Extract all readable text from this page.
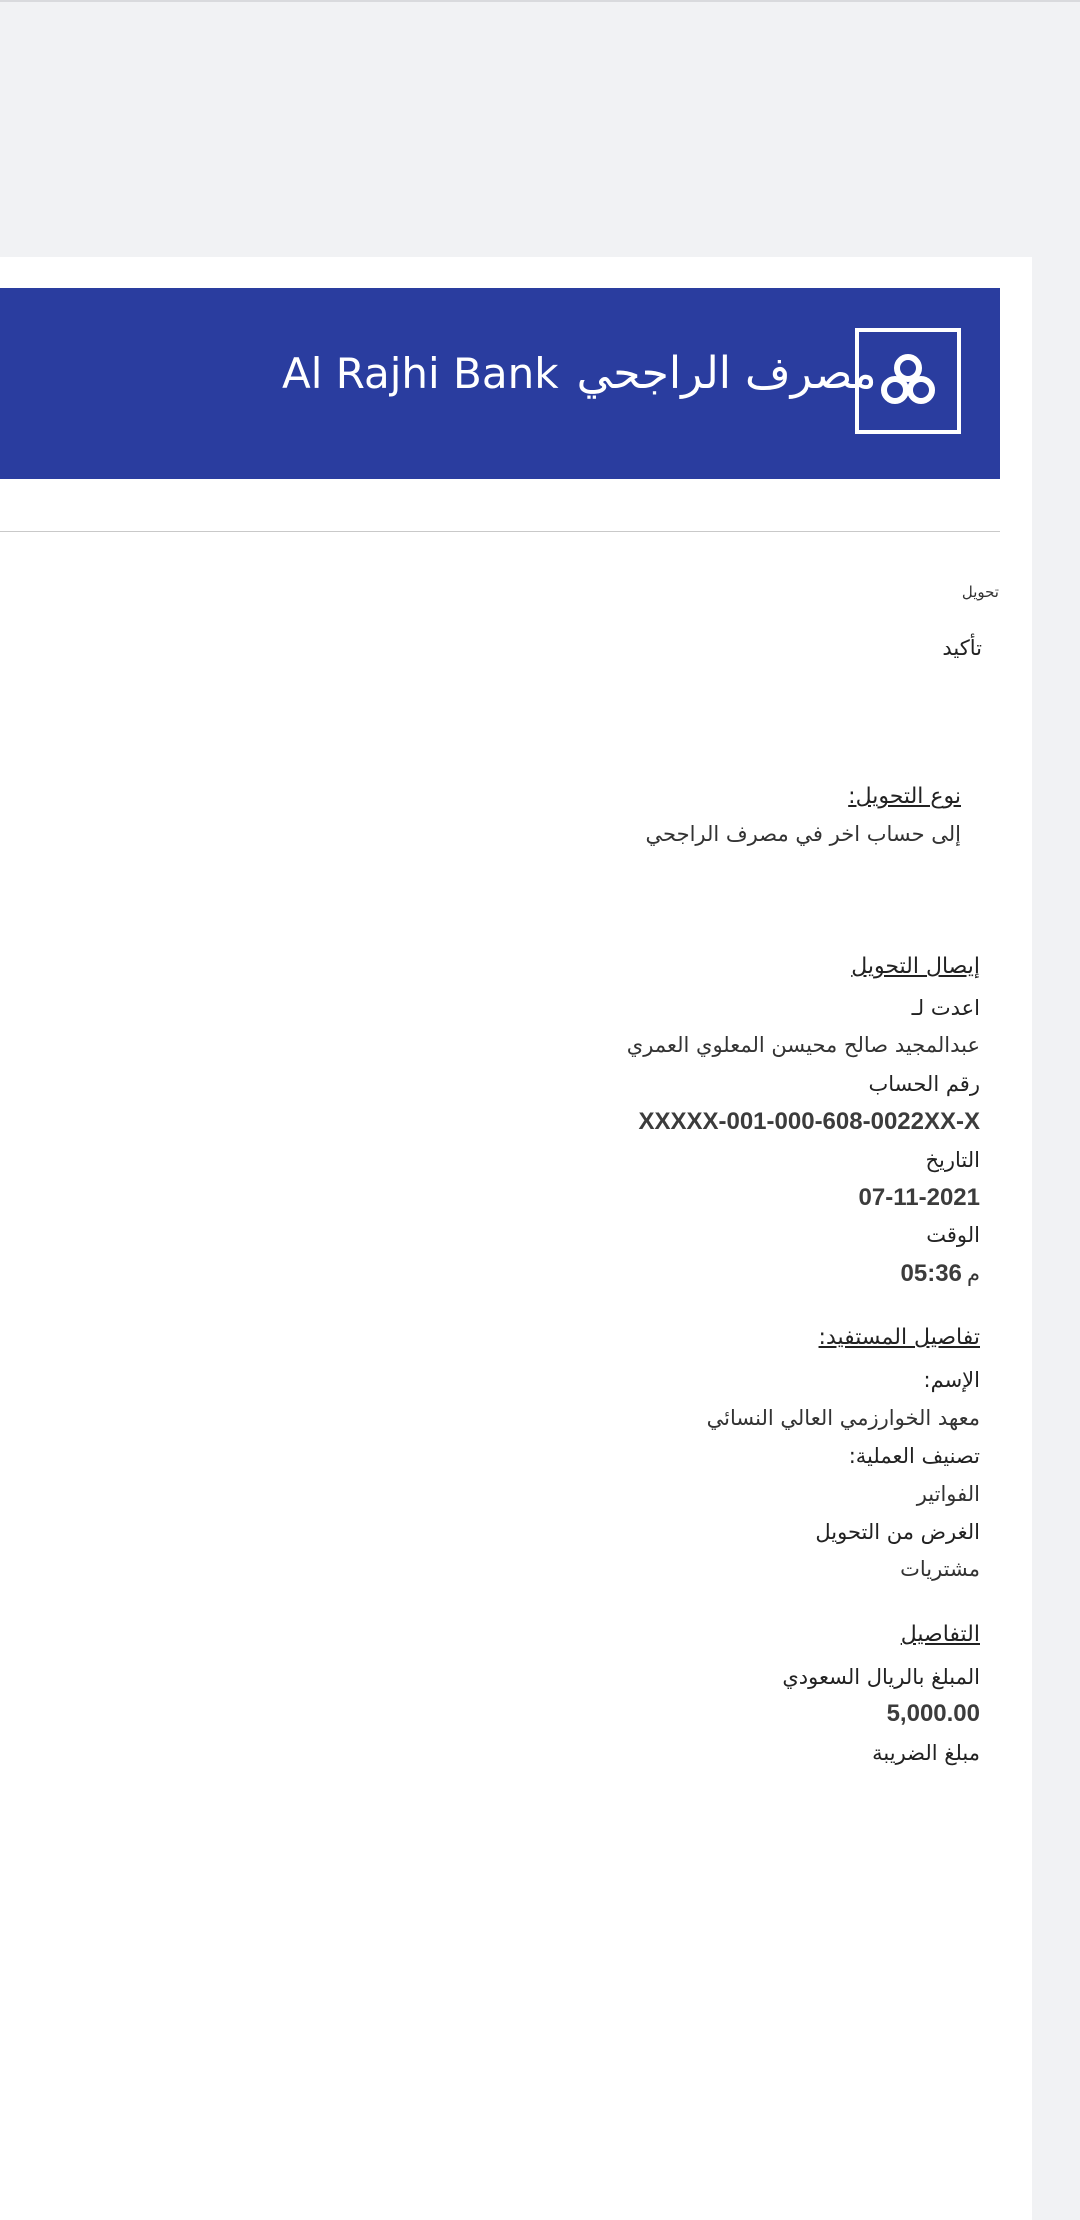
Al Rajhi Bank مصرف الراجحي
تحويل
تأكيد
نوع التحويل:
إلى حساب اخر في مصرف الراجحي
إيصال التحويل
اعدت لـ
عبدالمجيد صالح محيسن المعلوي العمري
رقم الحساب
XXXXX-001-000-608-0022XX-X
التاريخ
07-11-2021
الوقت
م 05:36
تفاصيل المستفيد:
الإسم:
معهد الخوارزمي العالي النسائي
تصنيف العملية:
الفواتير
الغرض من التحويل
مشتريات
التفاصيل
المبلغ بالريال السعودي
5,000.00
مبلغ الضريبة
